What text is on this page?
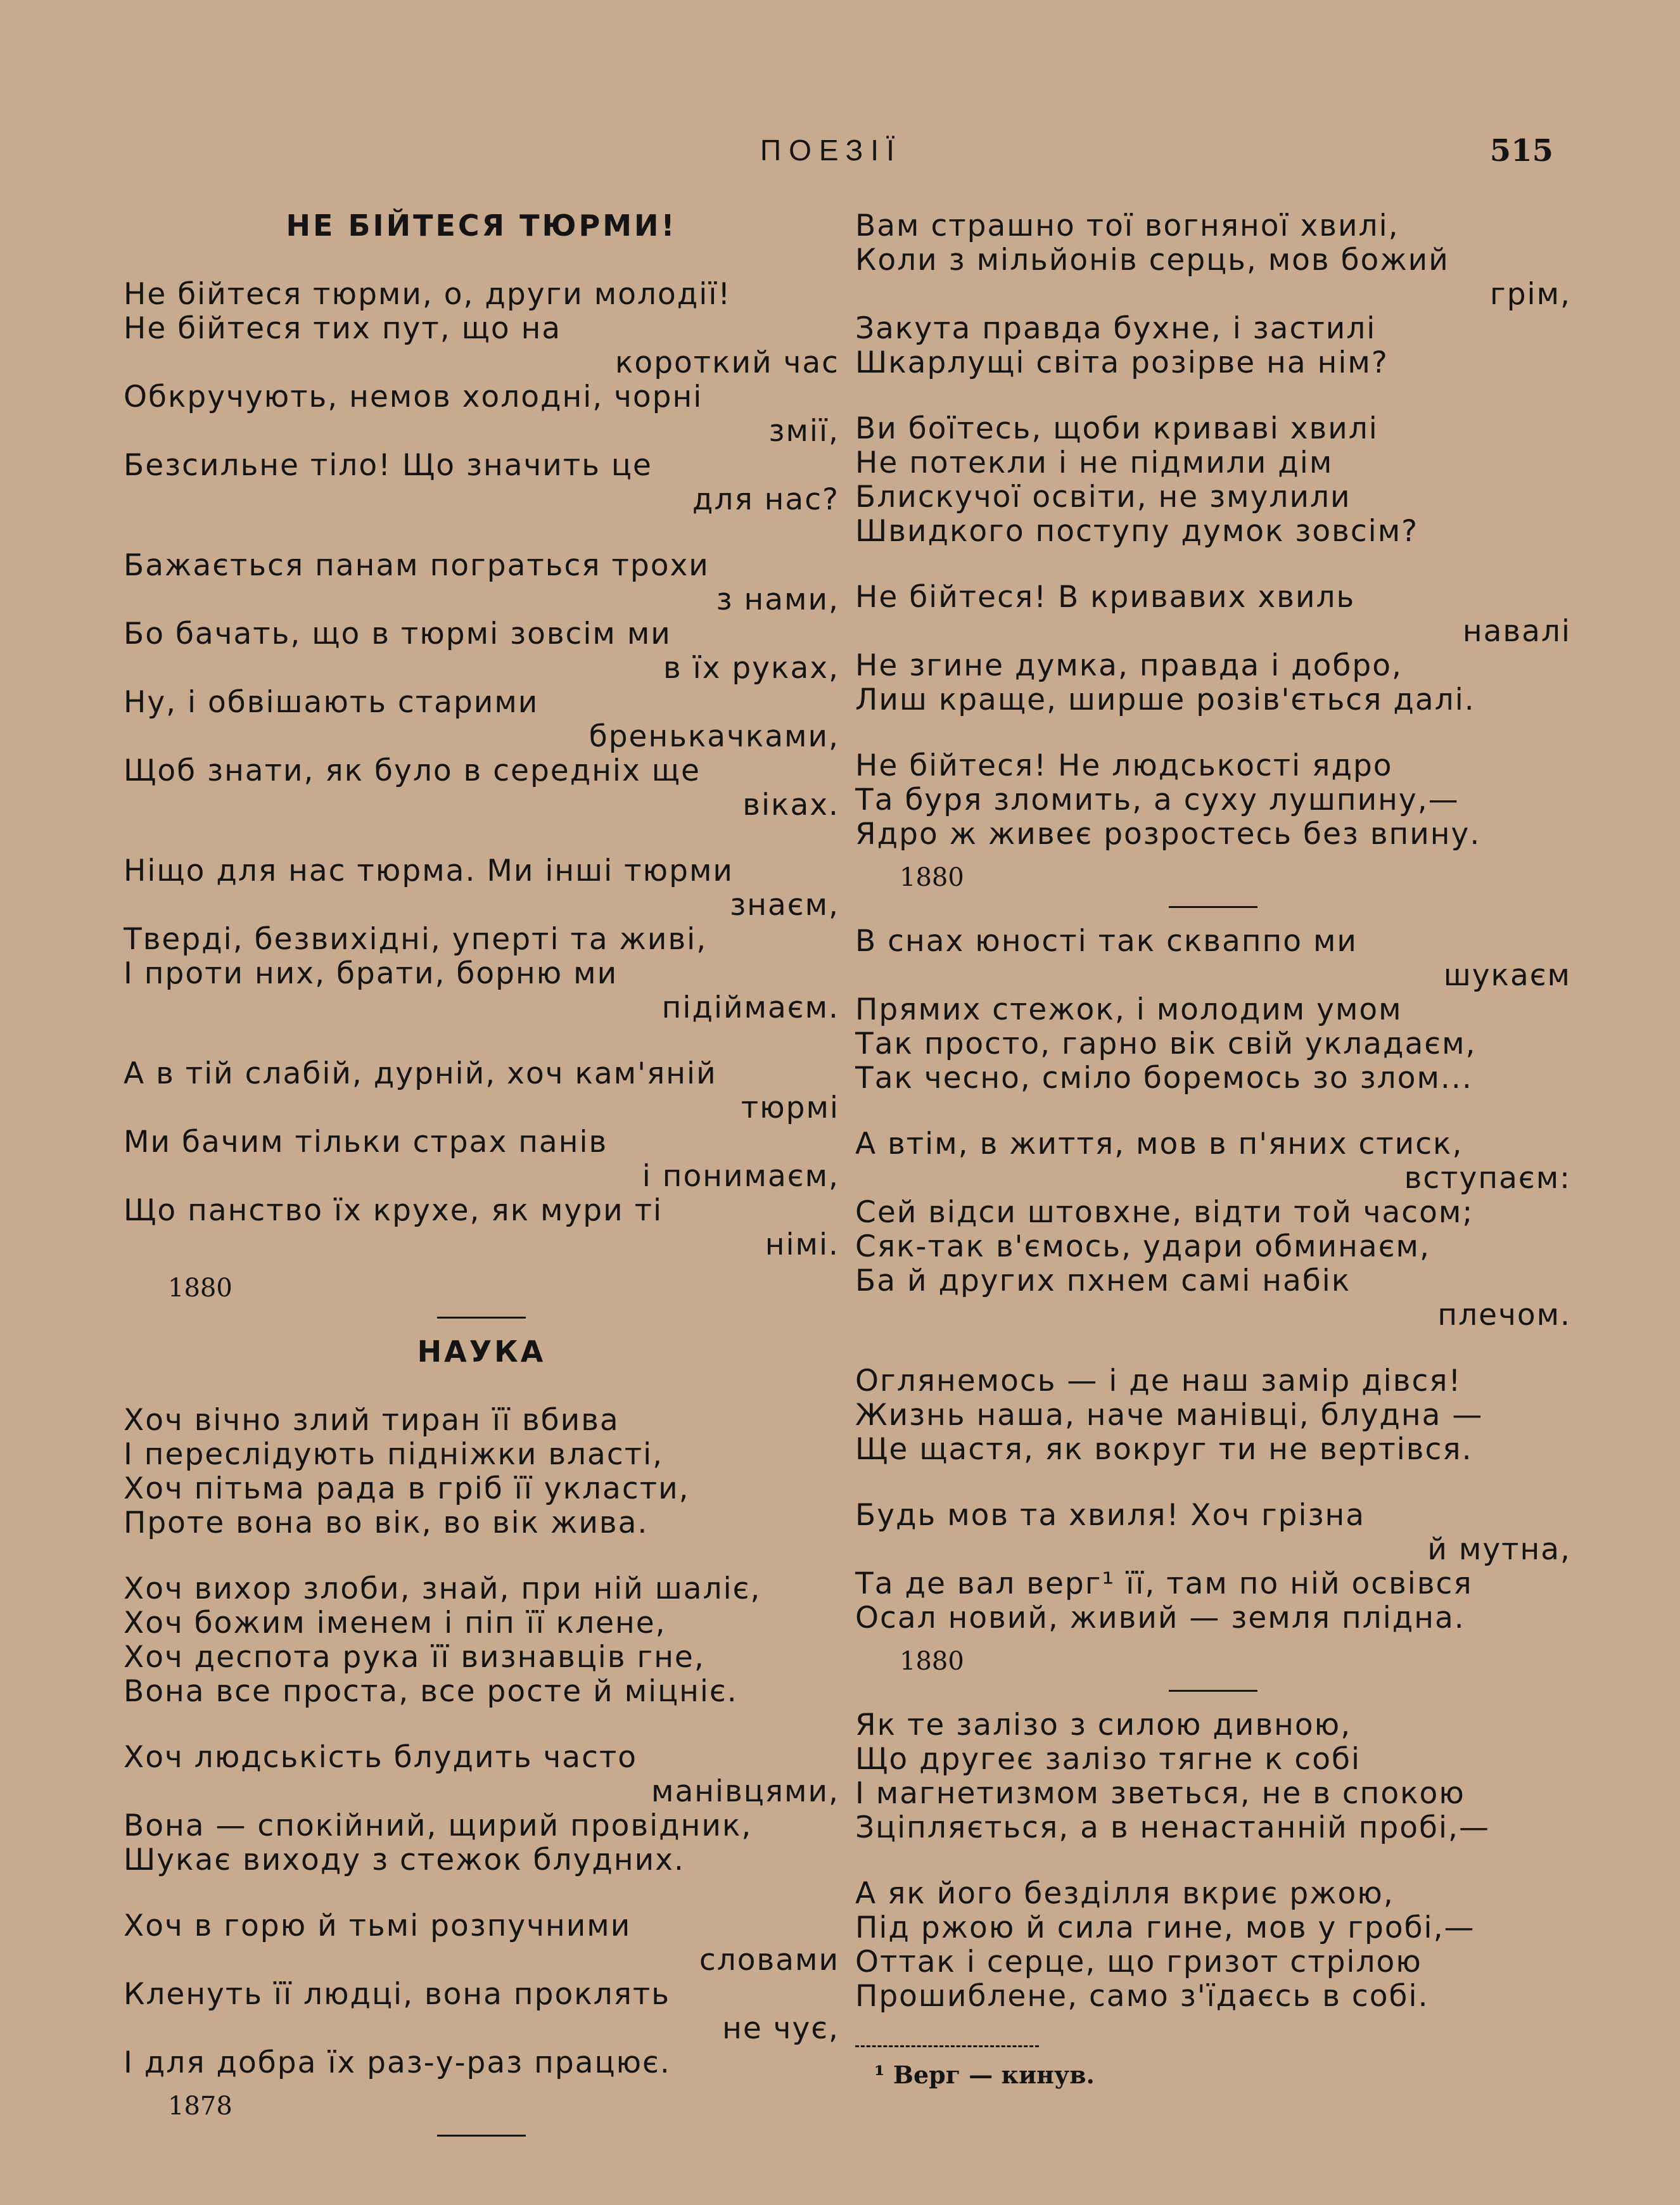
ПОЕЗІЇ	515
НЕ БІЙТЕСЯ ТЮРМИ!
Не бійтеся тюрми, о, други молодії!
Не бійтеся тих пут, що на
короткий час
Обкручують, немов холодні, чорні
змії,
Безсильне тіло! Що значить це
для нас?
Бажається панам пограться трохи
з нами,
Бо бачать, що в тюрмі зовсім ми
в їх руках,
Ну, і обвішають старими
бренькачками,
Щоб знати, як було в середніх ще
віках.
Ніщо для нас тюрма. Ми інші тюрми
знаєм,
Тверді, безвихідні, уперті та живі,
І проти них, брати, борню ми
підіймаєм.
А в тій слабій, дурній, хоч кам'яній
тюрмі
Ми бачим тільки страх панів
і понимаєм,
Що панство їх крухе, як мури ті
німі.
1880
НАУКА
Хоч вічно злий тиран її вбива
І переслідують підніжки власті,
Хоч пітьма рада в гріб її укласти,
Проте вона во вік, во вік жива.
Хоч вихор злоби, знай, при ній шаліє,
Хоч божим іменем і піп її клене,
Хоч деспота рука її визнавців гне,
Вона все проста, все росте й міцніє.
Хоч людськість блудить часто
манівцями,
Вона — спокійний, щирий провідник,
Шукає виходу з стежок блудних.
Хоч в горю й тьмі розпучними
словами
Кленуть її людці, вона проклять
не чує,
І для добра їх раз-у-раз працює.
1878
Вам страшно тої вогняної хвилі,
Коли з мільйонів серць, мов божий
грім,
Закута правда бухне, і застилі
Шкарлущі світа розірве на нім?
Ви боїтесь, щоби криваві хвилі
Не потекли і не підмили дім
Блискучої освіти, не змулили
Швидкого поступу думок зовсім?
Не бійтеся! В кривавих хвиль
навалі
Не згине думка, правда і добро,
Лиш краще, ширше розів'ється далі.
Не бійтеся! Не людськості ядро
Та буря зломить, а суху лушпину,—
Ядро ж живеє розростесь без впину.
1880
В снах юності так скваппо ми
шукаєм
Прямих стежок, і молодим умом
Так просто, гарно вік свій укладаєм,
Так чесно, сміло боремось зо злом...
А втім, в життя, мов в п'яних стиск,
вступаєм:
Сей відси штовхне, відти той часом;
Сяк-так в'ємось, удари обминаєм,
Ба й других пхнем самі набік
плечом.
Оглянемось — і де наш замір дівся!
Жизнь наша, наче манівці, блудна —
Ще щастя, як вокруг ти не вертівся.
Будь мов та хвиля! Хоч грізна
й мутна,
Та де вал верг¹ її, там по ній освівся
Осал новий, живий — земля плідна.
1880
Як те залізо з силою дивною,
Що другеє залізо тягне к собі
І магнетизмом зветься, не в спокою
Зціпляється, а в ненастанній пробі,—
А як його безділля вкриє ржою,
Під ржою й сила гине, мов у гробі,—
Оттак і серце, що гризот стрілою
Прошиблене, само з'їдаєсь в собі.
¹ Верг — кинув.
